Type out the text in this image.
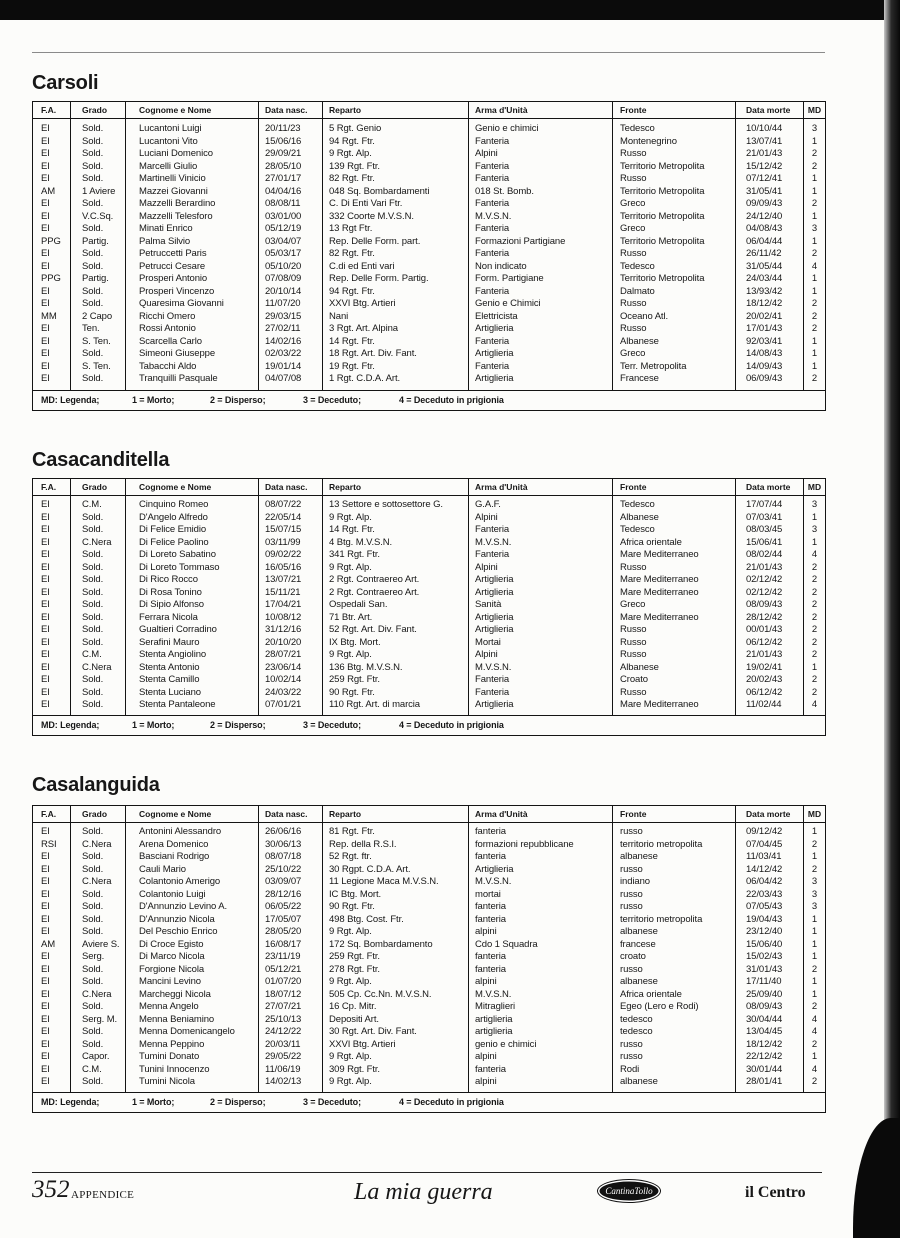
Carsoli
F.A.	Grado	Cognome e Nome	Data nasc.	Reparto	Arma d'Unità	Fronte	Data morte	MD
EI	Sold.	Lucantoni Luigi	20/11/23	5 Rgt. Genio	Genio e chimici	Tedesco	10/10/44	3
EI	Sold.	Lucantoni Vito	15/06/16	94 Rgt. Ftr.	Fanteria	Montenegrino	13/07/41	1
EI	Sold.	Luciani Domenico	29/09/21	9 Rgt. Alp.	Alpini	Russo	21/01/43	2
EI	Sold.	Marcelli Giulio	28/05/10	139 Rgt. Ftr.	Fanteria	Territorio Metropolita	15/12/42	2
EI	Sold.	Martinelli Vinicio	27/01/17	82 Rgt. Ftr.	Fanteria	Russo	07/12/41	1
AM	1 Aviere	Mazzei Giovanni	04/04/16	048 Sq. Bombardamenti	018 St. Bomb.	Territorio Metropolita	31/05/41	1
EI	Sold.	Mazzelli Berardino	08/08/11	C. Di Enti Vari Ftr.	Fanteria	Greco	09/09/43	2
EI	V.C.Sq.	Mazzelli Telesforo	03/01/00	332 Coorte M.V.S.N.	M.V.S.N.	Territorio Metropolita	24/12/40	1
EI	Sold.	Minati Enrico	05/12/19	13 Rgt Ftr.	Fanteria	Greco	04/08/43	3
PPG	Partig.	Palma Silvio	03/04/07	Rep. Delle Form. part.	Formazioni Partigiane	Territorio Metropolita	06/04/44	1
EI	Sold.	Petruccetti Paris	05/03/17	82 Rgt. Ftr.	Fanteria	Russo	26/11/42	2
EI	Sold.	Petrucci Cesare	05/10/20	C.di ed Enti vari	Non indicato	Tedesco	31/05/44	4
PPG	Partig.	Prosperi Antonio	07/08/09	Rep. Delle Form. Partig.	Form. Partigiane	Territorio Metropolita	24/03/44	1
EI	Sold.	Prosperi Vincenzo	20/10/14	94 Rgt. Ftr.	Fanteria	Dalmato	13/93/42	1
EI	Sold.	Quaresima Giovanni	11/07/20	XXVI Btg. Artieri	Genio e Chimici	Russo	18/12/42	2
MM	2 Capo	Ricchi Omero	29/03/15	Nani	Elettricista	Oceano Atl.	20/02/41	2
EI	Ten.	Rossi Antonio	27/02/11	3 Rgt. Art. Alpina	Artiglieria	Russo	17/01/43	2
EI	S. Ten.	Scarcella Carlo	14/02/16	14 Rgt. Ftr.	Fanteria	Albanese	92/03/41	1
EI	Sold.	Simeoni Giuseppe	02/03/22	18 Rgt. Art. Div. Fant.	Artiglieria	Greco	14/08/43	1
EI	S. Ten.	Tabacchi Aldo	19/01/14	19 Rgt. Ftr.	Fanteria	Terr. Metropolita	14/09/43	1
EI	Sold.	Tranquilli Pasquale	04/07/08	1 Rgt. C.D.A. Art.	Artiglieria	Francese	06/09/43	2
MD: Legenda; 1 = Morto; 2 = Disperso; 3 = Deceduto; 4 = Deceduto in prigionia								
Casacanditella
F.A.	Grado	Cognome e Nome	Data nasc.	Reparto	Arma d'Unità	Fronte	Data morte	MD
EI	C.M.	Cinquino Romeo	08/07/22	13 Settore e sottosettore G.	G.A.F.	Tedesco	17/07/44	3
EI	Sold.	D'Angelo Alfredo	22/05/14	9 Rgt. Alp.	Alpini	Albanese	07/03/41	1
EI	Sold.	Di Felice Emidio	15/07/15	14 Rgt. Ftr.	Fanteria	Tedesco	08/03/45	3
EI	C.Nera	Di Felice Paolino	03/11/99	4 Btg. M.V.S.N.	M.V.S.N.	Africa orientale	15/06/41	1
EI	Sold.	Di Loreto Sabatino	09/02/22	341 Rgt. Ftr.	Fanteria	Mare Mediterraneo	08/02/44	4
EI	Sold.	Di Loreto Tommaso	16/05/16	9 Rgt. Alp.	Alpini	Russo	21/01/43	2
EI	Sold.	Di Rico Rocco	13/07/21	2 Rgt. Contraereo Art.	Artiglieria	Mare Mediterraneo	02/12/42	2
EI	Sold.	Di Rosa Tonino	15/11/21	2 Rgt. Contraereo Art.	Artiglieria	Mare Mediterraneo	02/12/42	2
EI	Sold.	Di Sipio Alfonso	17/04/21	Ospedali San.	Sanità	Greco	08/09/43	2
EI	Sold.	Ferrara Nicola	10/08/12	71 Btr. Art.	Artiglieria	Mare Mediterraneo	28/12/42	2
EI	Sold.	Gualtieri Corradino	31/12/16	52 Rgt. Art. Div. Fant.	Artiglieria	Russo	00/01/43	2
EI	Sold.	Serafini Mauro	20/10/20	IX Btg. Mort.	Mortai	Russo	06/12/42	2
EI	C.M.	Stenta Angiolino	28/07/21	9 Rgt. Alp.	Alpini	Russo	21/01/43	2
EI	C.Nera	Stenta Antonio	23/06/14	136 Btg. M.V.S.N.	M.V.S.N.	Albanese	19/02/41	1
EI	Sold.	Stenta Camillo	10/02/14	259 Rgt. Ftr.	Fanteria	Croato	20/02/43	2
EI	Sold.	Stenta Luciano	24/03/22	90 Rgt. Ftr.	Fanteria	Russo	06/12/42	2
EI	Sold.	Stenta Pantaleone	07/01/21	110 Rgt. Art. di marcia	Artiglieria	Mare Mediterraneo	11/02/44	4
MD: Legenda; 1 = Morto; 2 = Disperso; 3 = Deceduto; 4 = Deceduto in prigionia								
Casalanguida
F.A.	Grado	Cognome e Nome	Data nasc.	Reparto	Arma d'Unità	Fronte	Data morte	MD
EI	Sold.	Antonini Alessandro	26/06/16	81 Rgt. Ftr.	fanteria	russo	09/12/42	1
RSI	C.Nera	Arena Domenico	30/06/13	Rep. della R.S.I.	formazioni repubblicane	territorio metropolita	07/04/45	2
EI	Sold.	Basciani Rodrigo	08/07/18	52 Rgt. ftr.	fanteria	albanese	11/03/41	1
EI	Sold.	Cauli Mario	25/10/22	30 Rgpt. C.D.A. Art.	Artiglieria	russo	14/12/42	2
EI	C.Nera	Colantonio Amerigo	03/09/07	11 Legione Maca M.V.S.N.	M.V.S.N.	indiano	06/04/42	3
EI	Sold.	Colantonio Luigi	28/12/16	IC Btg. Mort.	mortai	russo	22/03/43	3
EI	Sold.	D'Annunzio Levino A.	06/05/22	90 Rgt. Ftr.	fanteria	russo	07/05/43	3
EI	Sold.	D'Annunzio Nicola	17/05/07	498 Btg. Cost. Ftr.	fanteria	territorio metropolita	19/04/43	1
EI	Sold.	Del Peschio Enrico	28/05/20	9 Rgt. Alp.	alpini	albanese	23/12/40	1
AM	Aviere S.	Di Croce Egisto	16/08/17	172 Sq. Bombardamento	Cdo 1 Squadra	francese	15/06/40	1
EI	Serg.	Di Marco Nicola	23/11/19	259 Rgt. Ftr.	fanteria	croato	15/02/43	1
EI	Sold.	Forgione Nicola	05/12/21	278 Rgt. Ftr.	fanteria	russo	31/01/43	2
EI	Sold.	Mancini Levino	01/07/20	9 Rgt. Alp.	alpini	albanese	17/11/40	1
EI	C.Nera	Marcheggi Nicola	18/07/12	505 Cp. Cc.Nn. M.V.S.N.	M.V.S.N.	Africa orientale	25/09/40	1
EI	Sold.	Menna Angelo	27/07/21	16 Cp. Mitr.	Mitraglieri	Egeo (Lero e Rodi)	08/09/43	2
EI	Serg. M.	Menna Beniamino	25/10/13	Depositi Art.	artiglieria	tedesco	30/04/44	4
EI	Sold.	Menna Domenicangelo	24/12/22	30 Rgt. Art. Div. Fant.	artiglieria	tedesco	13/04/45	4
EI	Sold.	Menna Peppino	20/03/11	XXVI Btg. Artieri	genio e chimici	russo	18/12/42	2
EI	Capor.	Tumini Donato	29/05/22	9 Rgt. Alp.	alpini	russo	22/12/42	1
EI	C.M.	Tunini Innocenzo	11/06/19	309 Rgt. Ftr.	fanteria	Rodi	30/01/44	4
EI	Sold.	Tumini Nicola	14/02/13	9 Rgt. Alp.	alpini	albanese	28/01/41	2
MD: Legenda; 1 = Morto; 2 = Disperso; 3 = Deceduto; 4 = Deceduto in prigionia								
352 APPENDICE	La mia guerra	CantinaTollo	il Centro
